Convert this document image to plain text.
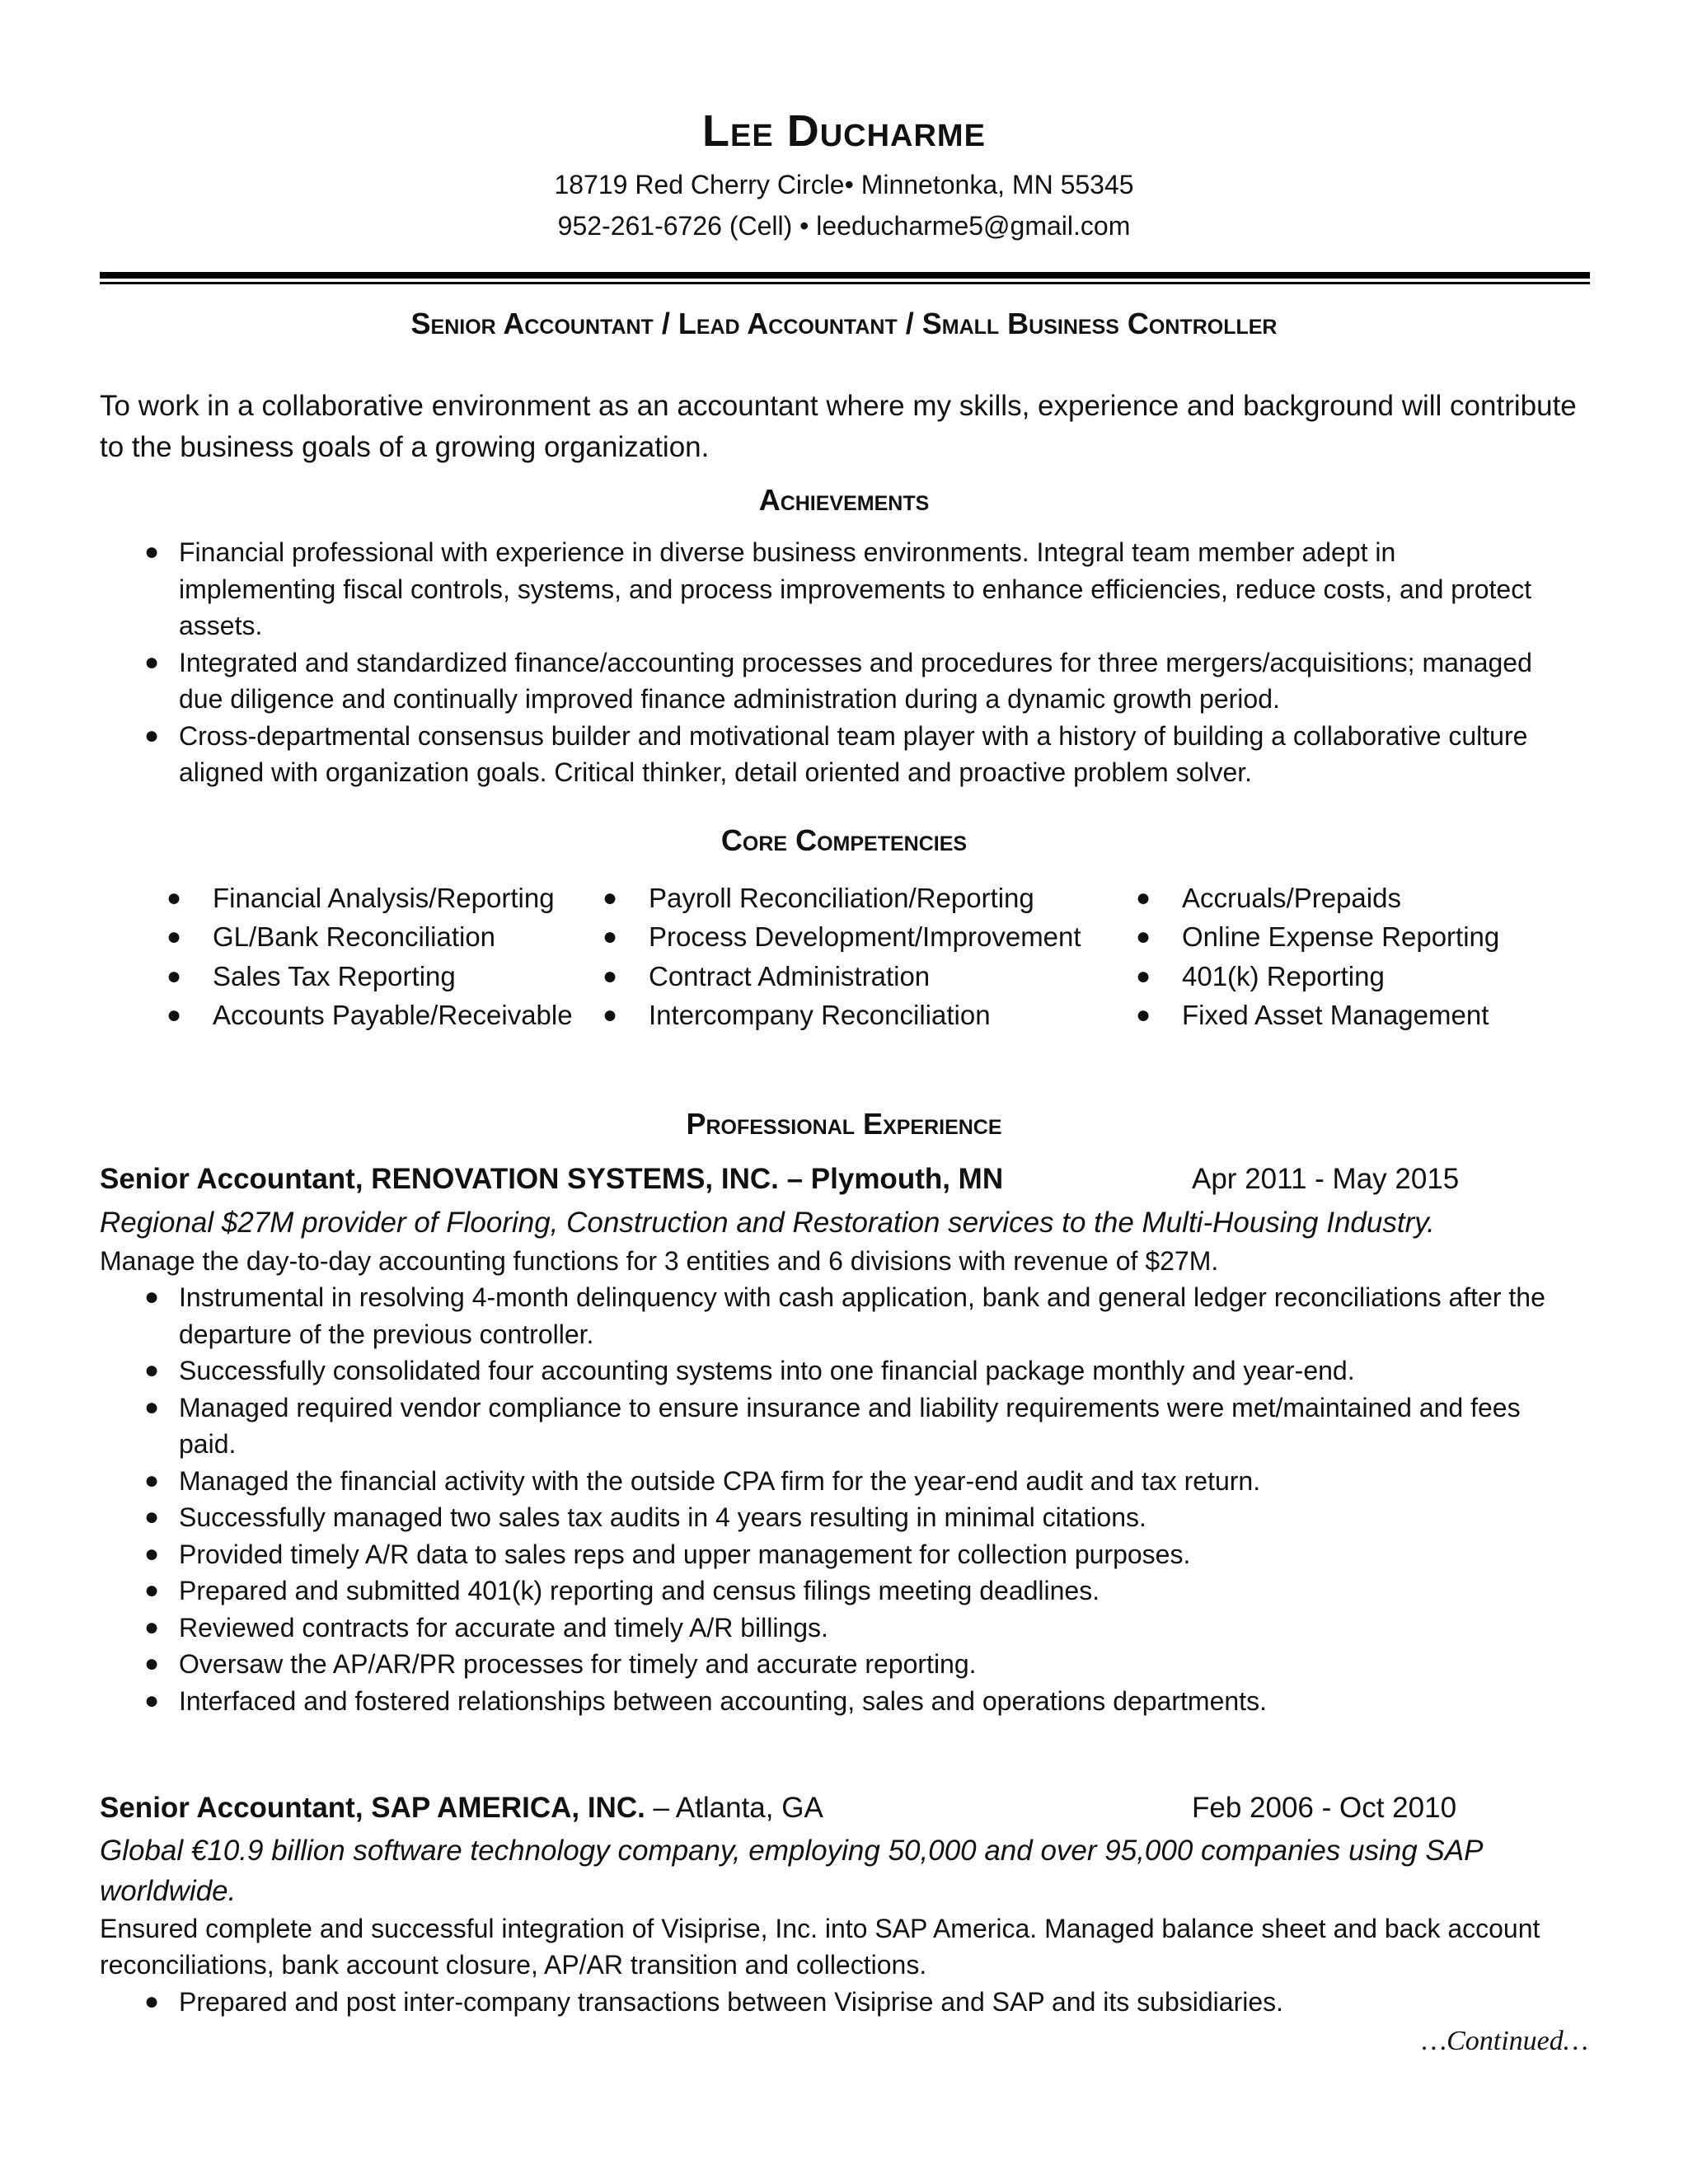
Lee Ducharme

18719 Red Cherry Circle• Minnetonka, MN 55345

952-261-6726 (Cell) • leeducharme5@gmail.com

Senior Accountant / Lead Accountant / Small Business Controller

To work in a collaborative environment as an accountant where my skills, experience and background will contribute to the business goals of a growing organization.

Achievements
● Financial professional with experience in diverse business environments. Integral team member adept in implementing fiscal controls, systems, and process improvements to enhance efficiencies, reduce costs, and protect assets.
● Integrated and standardized finance/accounting processes and procedures for three mergers/acquisitions; managed due diligence and continually improved finance administration during a dynamic growth period.
● Cross-departmental consensus builder and motivational team player with a history of building a collaborative culture aligned with organization goals. Critical thinker, detail oriented and proactive problem solver.
Core Competencies
● Financial Analysis/Reporting
● GL/Bank Reconciliation
● Sales Tax Reporting
● Accounts Payable/Receivable
● Payroll Reconciliation/Reporting
● Process Development/Improvement
● Contract Administration
● Intercompany Reconciliation
● Accruals/Prepaids
● Online Expense Reporting
● 401(k) Reporting
● Fixed Asset Management
Professional Experience
Senior Accountant, RENOVATION SYSTEMS, INC. – Plymouth, MN	Apr 2011 - May 2015

Regional $27M provider of Flooring, Construction and Restoration services to the Multi-Housing Industry.

Manage the day-to-day accounting functions for 3 entities and 6 divisions with revenue of $27M.

● Instrumental in resolving 4-month delinquency with cash application, bank and general ledger reconciliations after the departure of the previous controller.
● Successfully consolidated four accounting systems into one financial package monthly and year-end.
● Managed required vendor compliance to ensure insurance and liability requirements were met/maintained and fees paid.
● Managed the financial activity with the outside CPA firm for the year-end audit and tax return.
● Successfully managed two sales tax audits in 4 years resulting in minimal citations.
● Provided timely A/R data to sales reps and upper management for collection purposes.
● Prepared and submitted 401(k) reporting and census filings meeting deadlines.
● Reviewed contracts for accurate and timely A/R billings.
● Oversaw the AP/AR/PR processes for timely and accurate reporting.
● Interfaced and fostered relationships between accounting, sales and operations departments.
Senior Accountant, SAP AMERICA, INC. – Atlanta, GA	Feb 2006 - Oct 2010

Global €10.9 billion software technology company, employing 50,000 and over 95,000 companies using SAP worldwide.

Ensured complete and successful integration of Visiprise, Inc. into SAP America. Managed balance sheet and back account reconciliations, bank account closure, AP/AR transition and collections.

● Prepared and post inter-company transactions between Visiprise and SAP and its subsidiaries.
…Continued…
